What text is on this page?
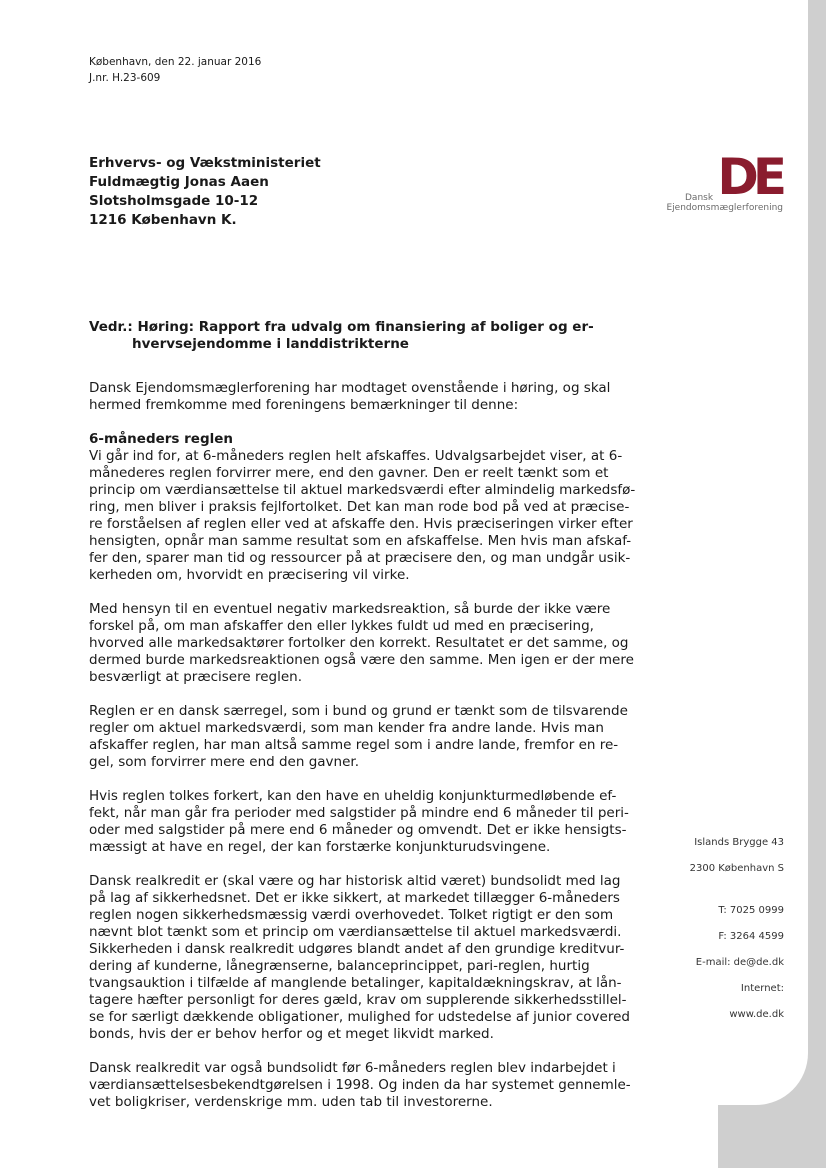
København, den 22. januar 2016
J.nr. H.23-609
Erhvervs- og Vækstministeriet
Fuldmægtig Jonas Aaen
Slotsholmsgade 10-12
1216 København K.
DE
Dansk
Ejendomsmæglerforening
Vedr.: Høring: Rapport fra udvalg om finansiering af boliger og er-
hvervsejendomme i landdistrikterne

Dansk Ejendomsmæglerforening har modtaget ovenstående i høring, og skal
hermed fremkomme med foreningens bemærkninger til denne:

6-måneders reglen
Vi går ind for, at 6-måneders reglen helt afskaffes. Udvalgsarbejdet viser, at 6-
månederes reglen forvirrer mere, end den gavner. Den er reelt tænkt som et
princip om værdiansættelse til aktuel markedsværdi efter almindelig markedsfø-
ring, men bliver i praksis fejlfortolket. Det kan man rode bod på ved at præcise-
re forståelsen af reglen eller ved at afskaffe den. Hvis præciseringen virker efter
hensigten, opnår man samme resultat som en afskaffelse. Men hvis man afskaf-
fer den, sparer man tid og ressourcer på at præcisere den, og man undgår usik-
kerheden om, hvorvidt en præcisering vil virke.

Med hensyn til en eventuel negativ markedsreaktion, så burde der ikke være
forskel på, om man afskaffer den eller lykkes fuldt ud med en præcisering,
hvorved alle markedsaktører fortolker den korrekt. Resultatet er det samme, og
dermed burde markedsreaktionen også være den samme. Men igen er der mere
besværligt at præcisere reglen.

Reglen er en dansk særregel, som i bund og grund er tænkt som de tilsvarende
regler om aktuel markedsværdi, som man kender fra andre lande. Hvis man
afskaffer reglen, har man altså samme regel som i andre lande, fremfor en re-
gel, som forvirrer mere end den gavner.

Hvis reglen tolkes forkert, kan den have en uheldig konjunkturmedløbende ef-
fekt, når man går fra perioder med salgstider på mindre end 6 måneder til peri-
oder med salgstider på mere end 6 måneder og omvendt. Det er ikke hensigts-
mæssigt at have en regel, der kan forstærke konjunkturudsvingene.

Dansk realkredit er (skal være og har historisk altid været) bundsolidt med lag
på lag af sikkerhedsnet. Det er ikke sikkert, at markedet tillægger 6-måneders
reglen nogen sikkerhedsmæssig værdi overhovedet. Tolket rigtigt er den som
nævnt blot tænkt som et princip om værdiansættelse til aktuel markedsværdi.
Sikkerheden i dansk realkredit udgøres blandt andet af den grundige kreditvur-
dering af kunderne, lånegrænserne, balanceprincippet, pari-reglen, hurtig
tvangsauktion i tilfælde af manglende betalinger, kapitaldækningskrav, at lån-
tagere hæfter personligt for deres gæld, krav om supplerende sikkerhedsstillel-
se for særligt dækkende obligationer, mulighed for udstedelse af junior covered
bonds, hvis der er behov herfor og et meget likvidt marked.

Dansk realkredit var også bundsolidt før 6-måneders reglen blev indarbejdet i
værdiansættelsesbekendtgørelsen i 1998. Og inden da har systemet gennemle-
vet boligkriser, verdenskrige mm. uden tab til investorerne.

Islands Brygge 43
2300 København S
T: 7025 0999
F: 3264 4599
E-mail: de@de.dk
Internet:
www.de.dk
